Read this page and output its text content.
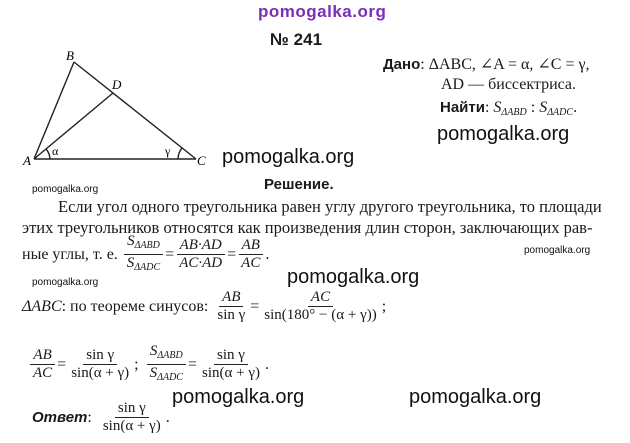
pomogalka.org
№ 241
A
B
C
D
α	γ
Дано: ΔABC, ∠A = α, ∠C = γ,
AD — биссектриса.
Найти: SΔABD : SΔADC.
pomogalka.org
pomogalka.org
pomogalka.org
pomogalka.org	pomogalka.org
pomogalka.org
pomogalka.org
pomogalka.org
Решение.
Если угол одного треугольника равен углу другого треугольника, то площади
этих треугольников относятся как произведения длин сторон, заключающих рав-
ные углы, т. е. $\frac{S_{\Delta ABD}}{S_{\Delta ADC}} = \frac{AB\cdot AD}{AC\cdot AD} = \frac{AB}{AC}$ .
ΔABC : по теореме синусов: $\frac{AB}{\text{sin γ}} = \frac{AC}{\sin(180^\circ - (\alpha + \gamma))}$ ;
$\frac{AB}{AC} = \frac{\text{sin γ}}{\sin(\alpha + \gamma)}$ ; $\frac{S_{\Delta ABD}}{S_{\Delta ADC}} = \frac{\text{sin γ}}{\sin(\alpha + \gamma)}$ .
Ответ : $\frac{\text{sin γ}}{\sin(\alpha + \gamma)}$ .
